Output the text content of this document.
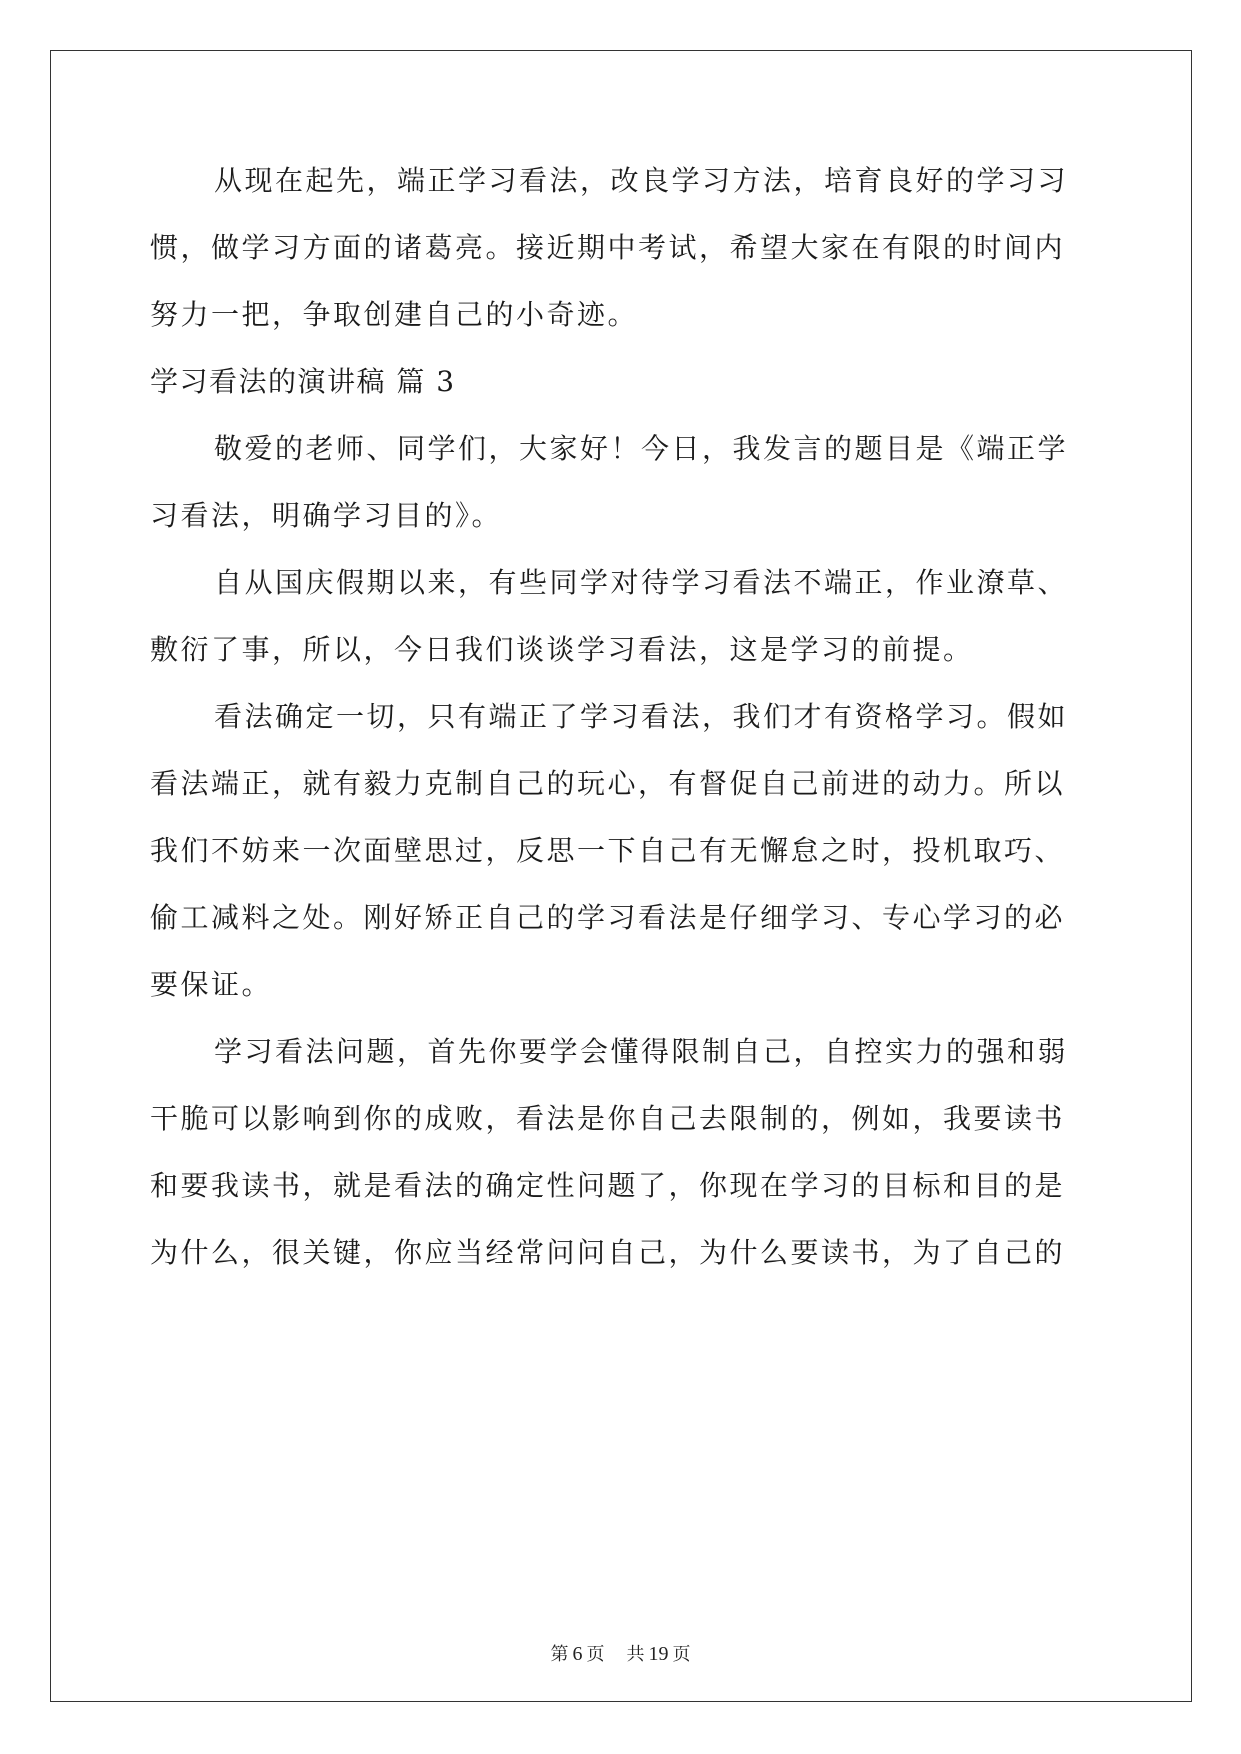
从现在起先，端正学习看法，改良学习方法，培育良好的学习习
惯，做学习方面的诸葛亮。接近期中考试，希望大家在有限的时间内
努力一把，争取创建自己的小奇迹。
学习看法的演讲稿 篇 3
敬爱的老师、同学们，大家好！今日，我发言的题目是《端正学
习看法，明确学习目的》。
自从国庆假期以来，有些同学对待学习看法不端正，作业潦草、
敷衍了事，所以，今日我们谈谈学习看法，这是学习的前提。
看法确定一切，只有端正了学习看法，我们才有资格学习。假如
看法端正，就有毅力克制自己的玩心，有督促自己前进的动力。所以
我们不妨来一次面壁思过，反思一下自己有无懈怠之时，投机取巧、
偷工减料之处。刚好矫正自己的学习看法是仔细学习、专心学习的必
要保证。
学习看法问题，首先你要学会懂得限制自己，自控实力的强和弱
干脆可以影响到你的成败，看法是你自己去限制的，例如，我要读书
和要我读书，就是看法的确定性问题了，你现在学习的目标和目的是
为什么，很关键，你应当经常问问自己，为什么要读书，为了自己的
第 6 页 共 19 页
